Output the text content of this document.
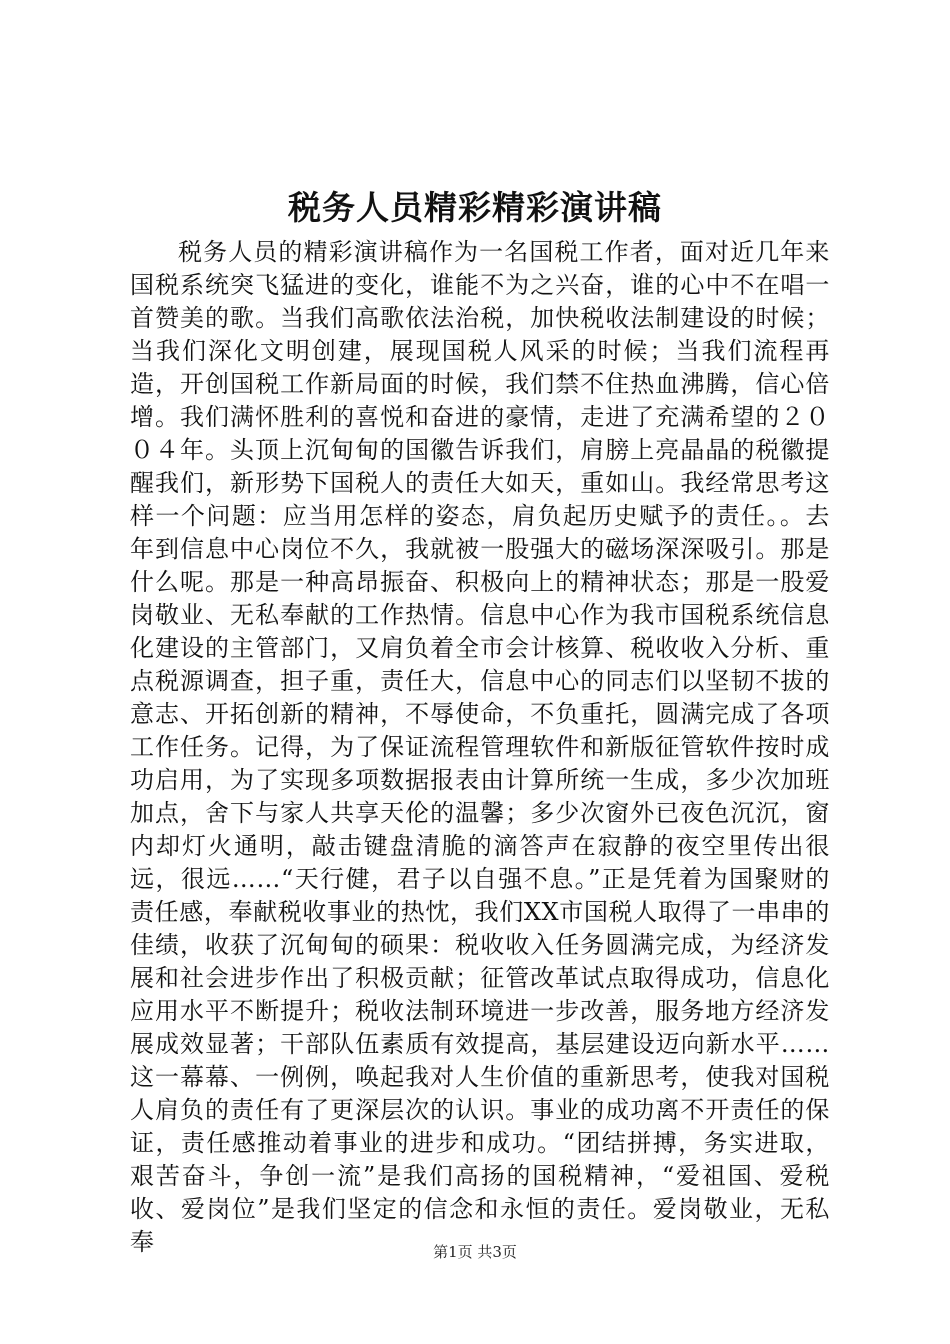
税务人员精彩精彩演讲稿

税务人员的精彩演讲稿作为一名国税工作者，面对近几年来国税系统突飞猛进的变化，谁能不为之兴奋，谁的心中不在唱一首赞美的歌。当我们高歌依法治税，加快税收法制建设的时候；当我们深化文明创建，展现国税人风采的时候；当我们流程再造，开创国税工作新局面的时候，我们禁不住热血沸腾，信心倍增。我们满怀胜利的喜悦和奋进的豪情，走进了充满希望的２００４年。头顶上沉甸甸的国徽告诉我们，肩膀上亮晶晶的税徽提醒我们，新形势下国税人的责任大如天，重如山。我经常思考这样一个问题：应当用怎样的姿态，肩负起历史赋予的责任。。去年到信息中心岗位不久，我就被一股强大的磁场深深吸引。那是什么呢。那是一种高昂振奋、积极向上的精神状态；那是一股爱岗敬业、无私奉献的工作热情。信息中心作为我市国税系统信息化建设的主管部门，又肩负着全市会计核算、税收收入分析、重点税源调查，担子重，责任大，信息中心的同志们以坚韧不拔的意志、开拓创新的精神，不辱使命，不负重托，圆满完成了各项工作任务。记得，为了保证流程管理软件和新版征管软件按时成功启用，为了实现多项数据报表由计算所统一生成，多少次加班加点，舍下与家人共享天伦的温馨；多少次窗外已夜色沉沉，窗内却灯火通明，敲击键盘清脆的滴答声在寂静的夜空里传出很远，很远……“天行健，君子以自强不息。”正是凭着为国聚财的责任感，奉献税收事业的热忱，我们XX市国税人取得了一串串的佳绩，收获了沉甸甸的硕果：税收收入任务圆满完成，为经济发展和社会进步作出了积极贡献；征管改革试点取得成功，信息化应用水平不断提升；税收法制环境进一步改善，服务地方经济发展成效显著；干部队伍素质有效提高，基层建设迈向新水平……这一幕幕、一例例，唤起我对人生价值的重新思考，使我对国税人肩负的责任有了更深层次的认识。事业的成功离不开责任的保证，责任感推动着事业的进步和成功。“团结拼搏，务实进取，艰苦奋斗，争创一流”是我们高扬的国税精神，“爱祖国、爱税收、爱岗位”是我们坚定的信念和永恒的责任。爱岗敬业，无私奉	第1页 共3页
